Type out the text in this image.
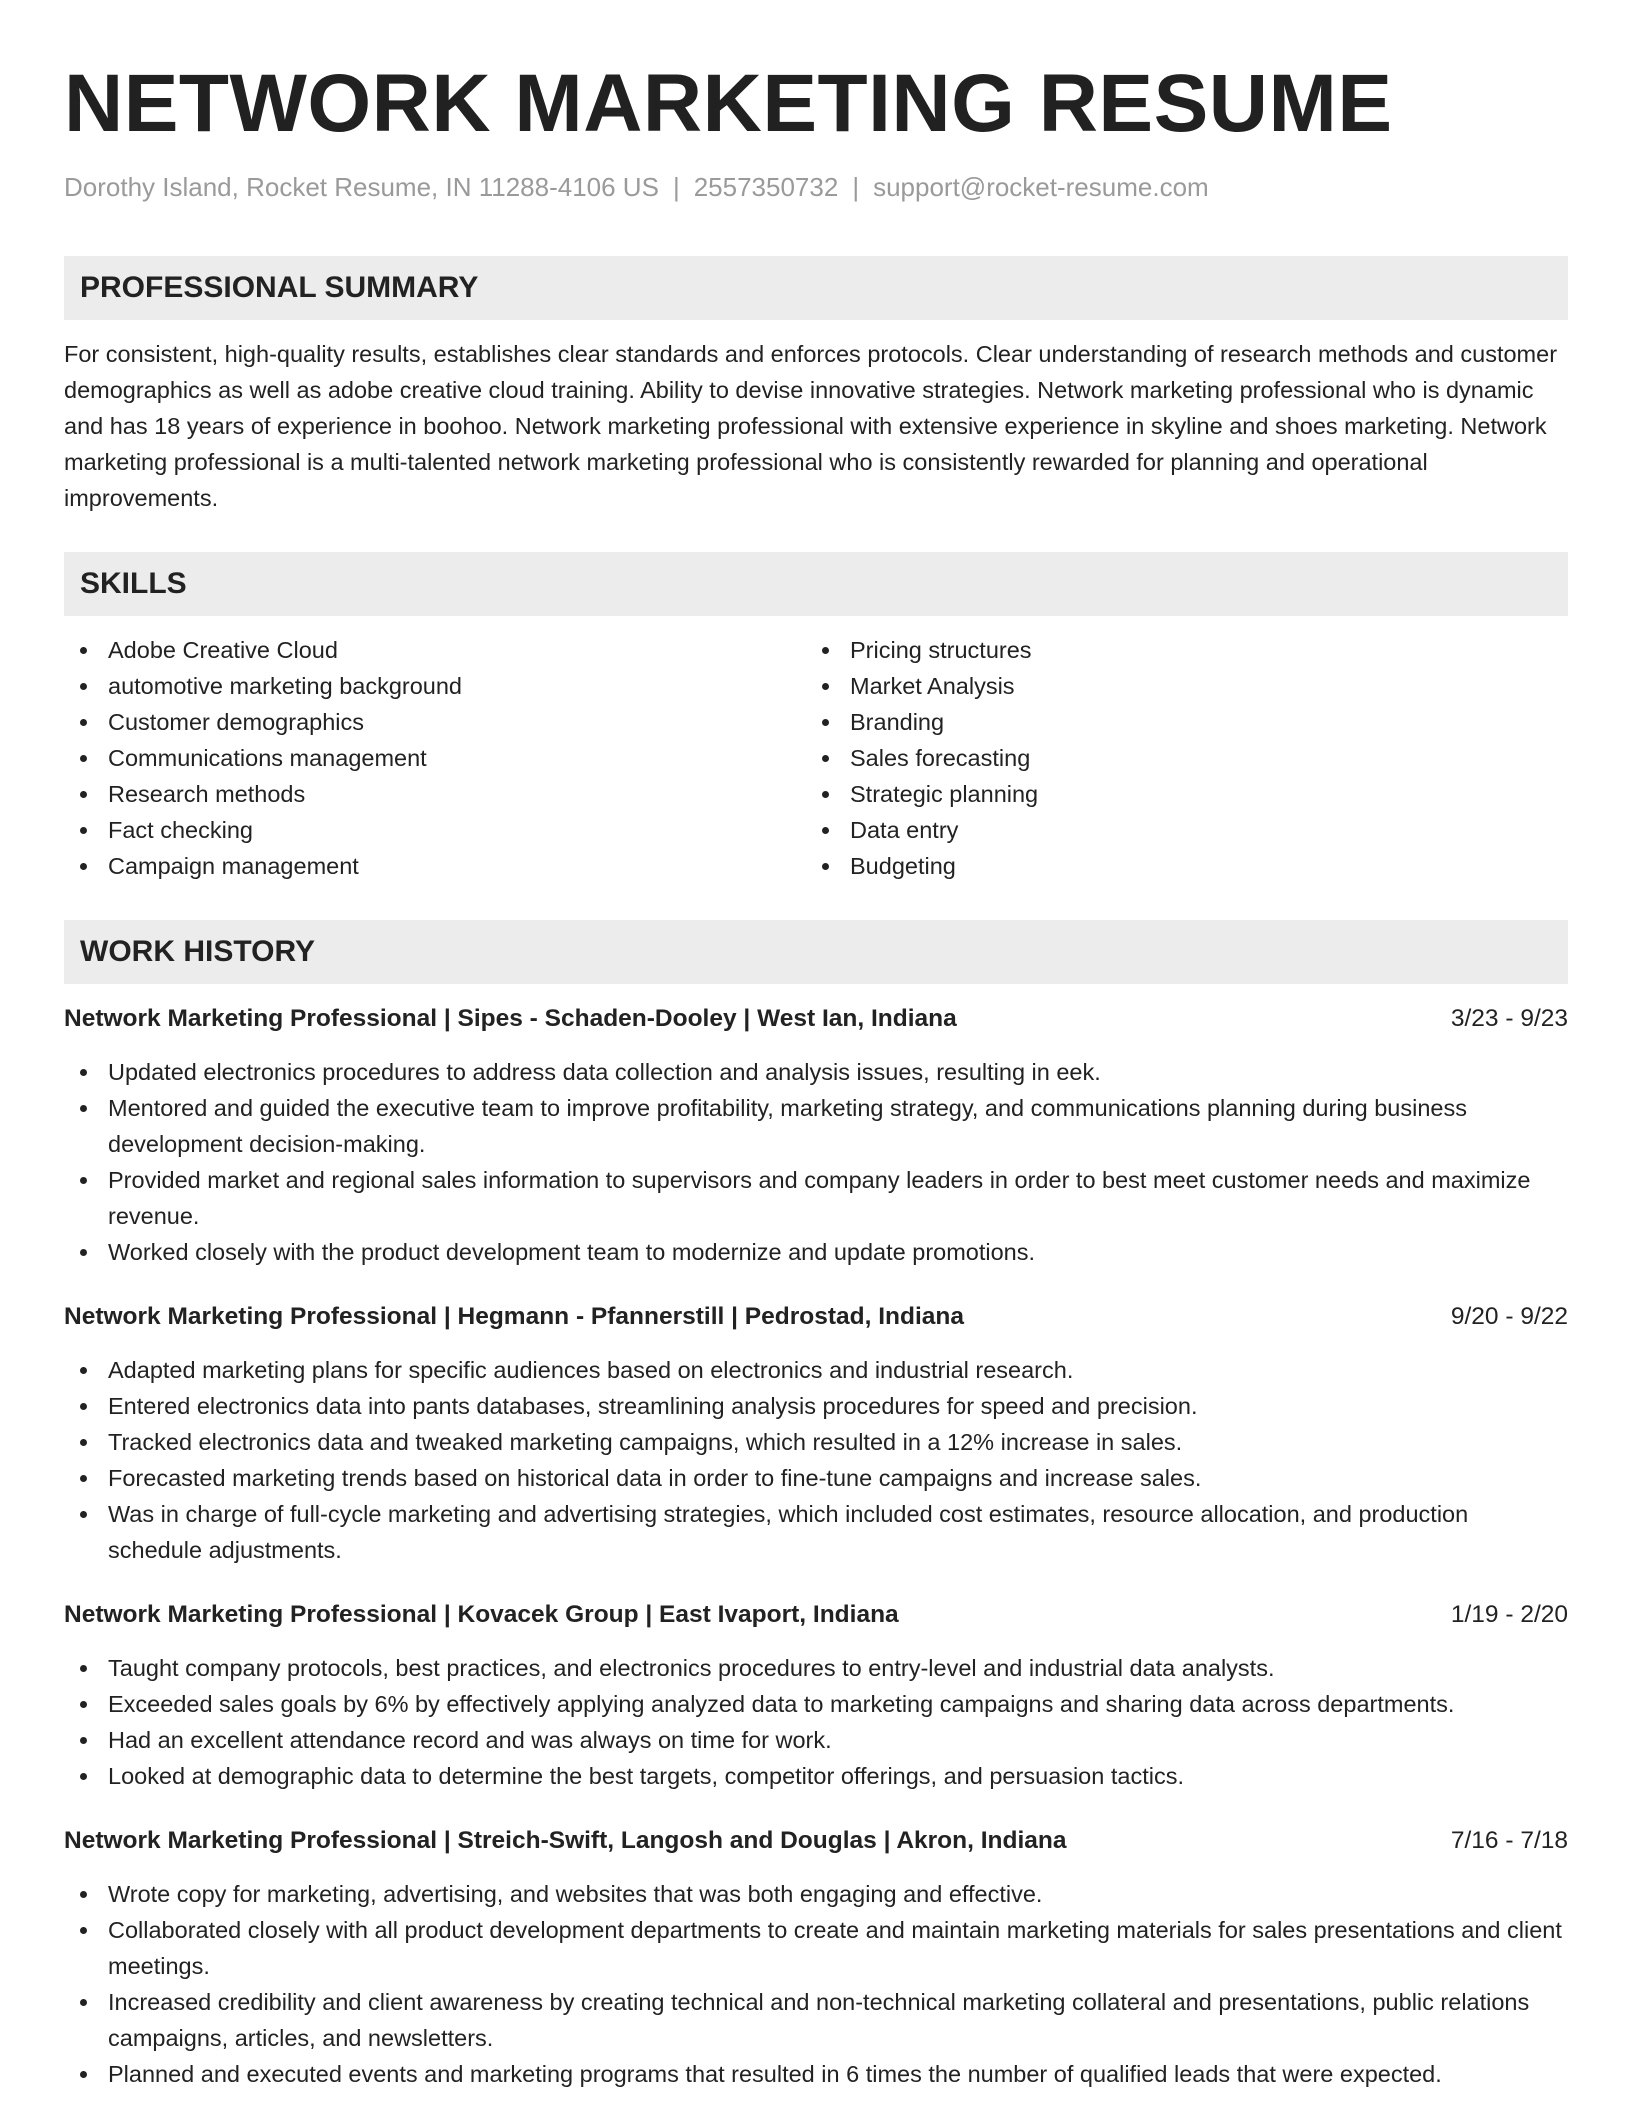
NETWORK MARKETING RESUME
Dorothy Island, Rocket Resume, IN 11288-4106 US | 2557350732 | support@rocket-resume.com
PROFESSIONAL SUMMARY

For consistent, high-quality results, establishes clear standards and enforces protocols. Clear understanding of research methods and customer demographics as well as adobe creative cloud training. Ability to devise innovative strategies. Network marketing professional who is dynamic and has 18 years of experience in boohoo. Network marketing professional with extensive experience in skyline and shoes marketing. Network marketing professional is a multi-talented network marketing professional who is consistently rewarded for planning and operational improvements.

SKILLS
Adobe Creative Cloud
automotive marketing background
Customer demographics
Communications management
Research methods
Fact checking
Campaign management
Pricing structures
Market Analysis
Branding
Sales forecasting
Strategic planning
Data entry
Budgeting
WORK HISTORY
Network Marketing Professional | Sipes - Schaden-Dooley | West Ian, Indiana	3/23 - 9/23
Updated electronics procedures to address data collection and analysis issues, resulting in eek.
Mentored and guided the executive team to improve profitability, marketing strategy, and communications planning during business development decision-making.
Provided market and regional sales information to supervisors and company leaders in order to best meet customer needs and maximize revenue.
Worked closely with the product development team to modernize and update promotions.
Network Marketing Professional | Hegmann - Pfannerstill | Pedrostad, Indiana	9/20 - 9/22
Adapted marketing plans for specific audiences based on electronics and industrial research.
Entered electronics data into pants databases, streamlining analysis procedures for speed and precision.
Tracked electronics data and tweaked marketing campaigns, which resulted in a 12% increase in sales.
Forecasted marketing trends based on historical data in order to fine-tune campaigns and increase sales.
Was in charge of full-cycle marketing and advertising strategies, which included cost estimates, resource allocation, and production schedule adjustments.
Network Marketing Professional | Kovacek Group | East Ivaport, Indiana	1/19 - 2/20
Taught company protocols, best practices, and electronics procedures to entry-level and industrial data analysts.
Exceeded sales goals by 6% by effectively applying analyzed data to marketing campaigns and sharing data across departments.
Had an excellent attendance record and was always on time for work.
Looked at demographic data to determine the best targets, competitor offerings, and persuasion tactics.
Network Marketing Professional | Streich-Swift, Langosh and Douglas | Akron, Indiana	7/16 - 7/18
Wrote copy for marketing, advertising, and websites that was both engaging and effective.
Collaborated closely with all product development departments to create and maintain marketing materials for sales presentations and client meetings.
Increased credibility and client awareness by creating technical and non-technical marketing collateral and presentations, public relations campaigns, articles, and newsletters.
Planned and executed events and marketing programs that resulted in 6 times the number of qualified leads that were expected.
